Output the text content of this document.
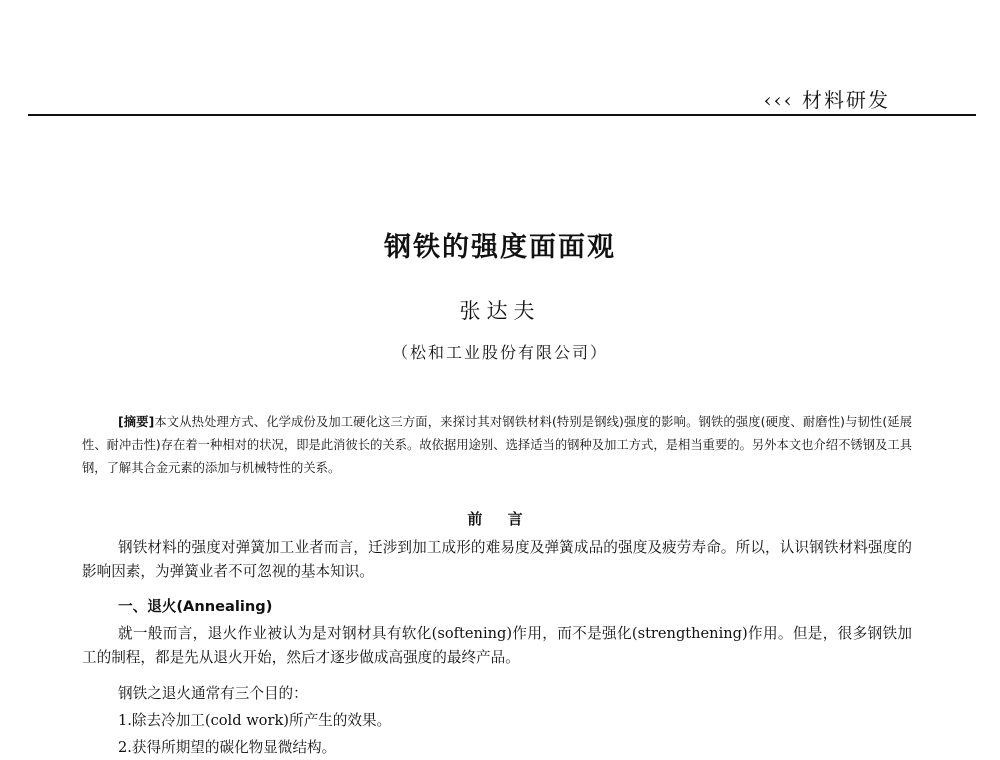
‹‹‹ 材料研发
钢铁的强度面面观
张达夫
（松和工业股份有限公司）
[摘要]本文从热处理方式、化学成份及加工硬化这三方面，来探讨其对钢铁材料(特别是钢线)强度的影响。钢铁的强度(硬度、耐磨性)与韧性(延展性、耐冲击性)存在着一种相对的状况，即是此消彼长的关系。故依据用途别、选择适当的钢种及加工方式，是相当重要的。另外本文也介绍不锈钢及工具钢，了解其合金元素的添加与机械特性的关系。
前 言
钢铁材料的强度对弹簧加工业者而言，迁涉到加工成形的难易度及弹簧成品的强度及疲劳寿命。所以，认识钢铁材料强度的影响因素，为弹簧业者不可忽视的基本知识。
一、退火(Annealing)
就一般而言，退火作业被认为是对钢材具有软化(softening)作用，而不是强化(strengthening)作用。但是，很多钢铁加工的制程，都是先从退火开始，然后才逐步做成高强度的最终产品。
钢铁之退火通常有三个目的：
1.除去冷加工(cold work)所产生的效果。
2.获得所期望的碳化物显微结构。
